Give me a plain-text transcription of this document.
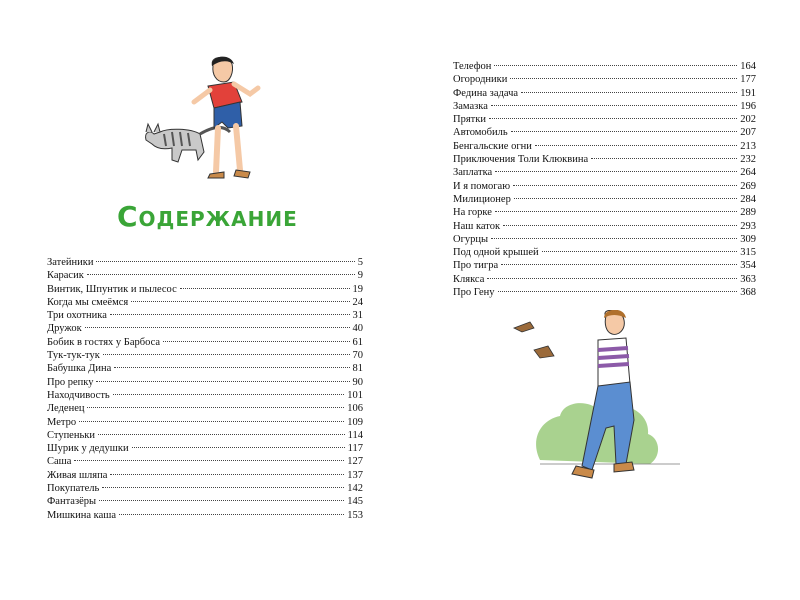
Содержание
Затейники	5
Карасик	9
Винтик, Шпунтик и пылесос	19
Когда мы смеёмся	24
Три охотника	31
Дружок	40
Бобик в гостях у Барбоса	61
Тук-тук-тук	70
Бабушка Дина	81
Про репку	90
Находчивость	101
Леденец	106
Метро	109
Ступеньки	114
Шурик у дедушки	117
Саша	127
Живая шляпа	137
Покупатель	142
Фантазёры	145
Мишкина каша	153
Телефон	164
Огородники	177
Федина задача	191
Замазка	196
Прятки	202
Автомобиль	207
Бенгальские огни	213
Приключения Толи Клюквина	232
Заплатка	264
И я помогаю	269
Милиционер	284
На горке	289
Наш каток	293
Огурцы	309
Под одной крышей	315
Про тигра	354
Клякса	363
Про Гену	368
